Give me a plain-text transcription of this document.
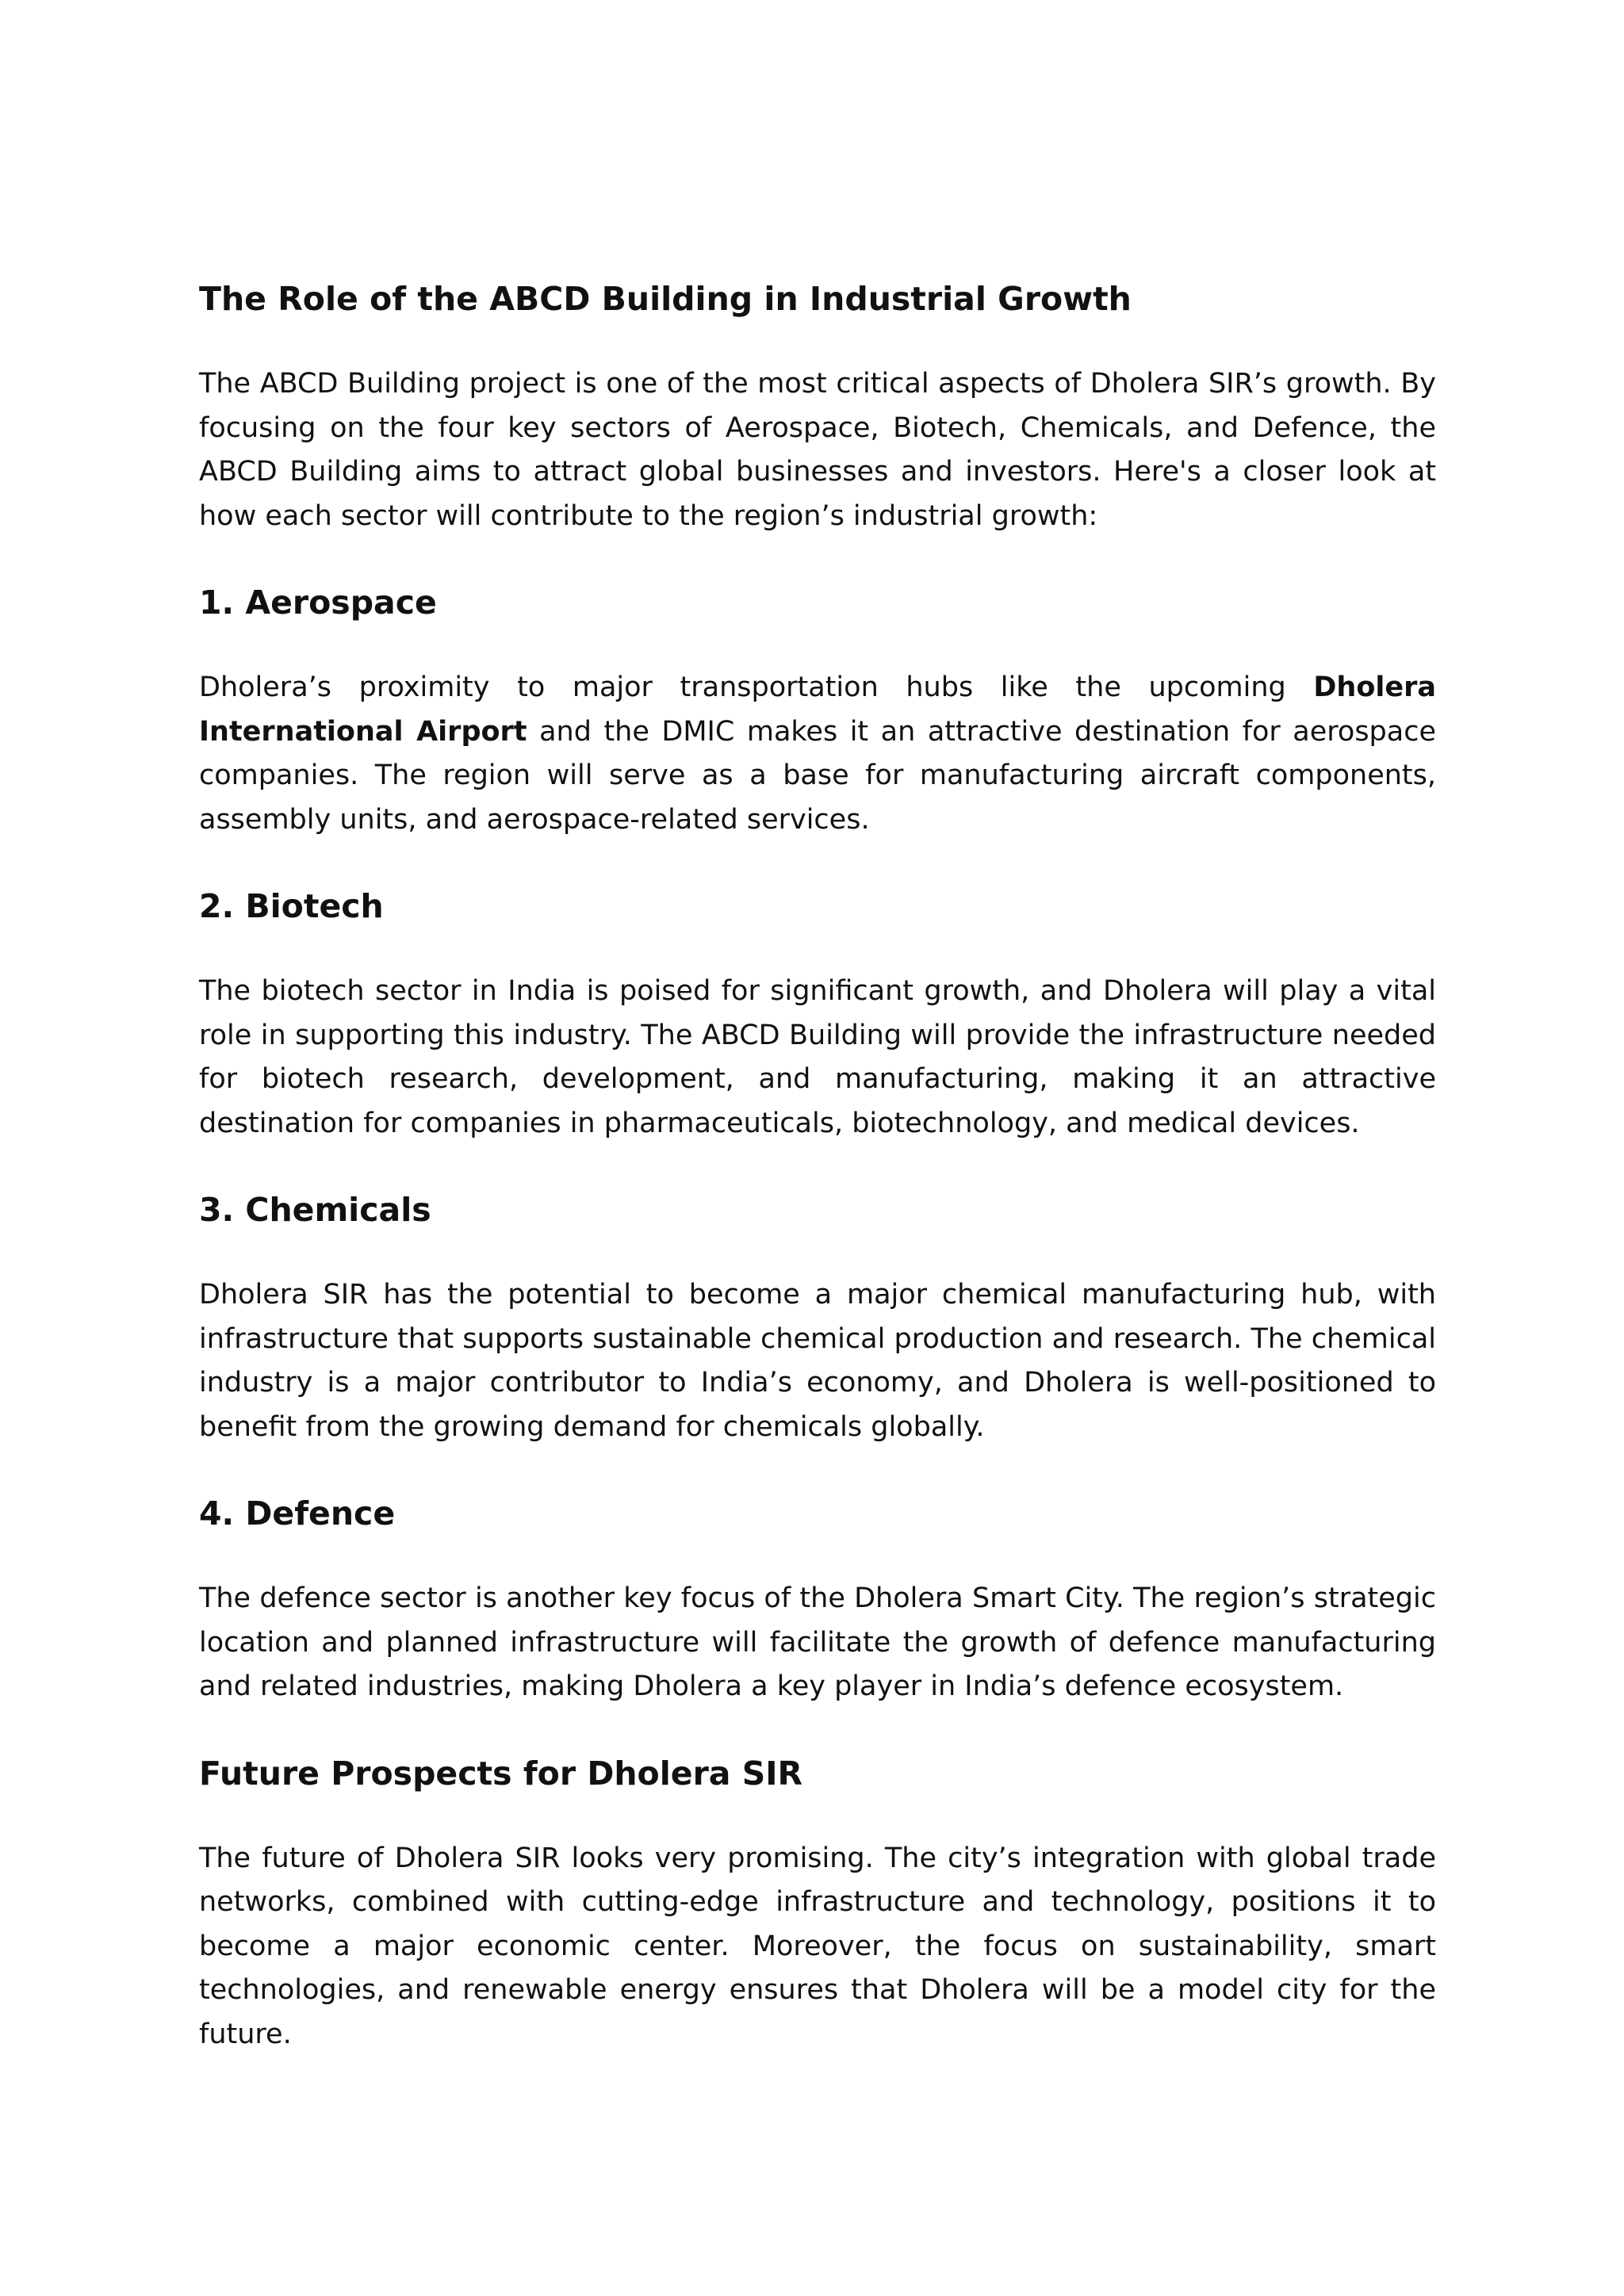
The Role of the ABCD Building in Industrial Growth

The ABCD Building project is one of the most critical aspects of Dholera SIR’s growth. By focusing on the four key sectors of Aerospace, Biotech, Chemicals, and Defence, the ABCD Building aims to attract global businesses and investors. Here's a closer look at how each sector will contribute to the region’s industrial growth:

1. Aerospace

Dholera’s proximity to major transportation hubs like the upcoming Dholera International Airport and the DMIC makes it an attractive destination for aerospace companies. The region will serve as a base for manufacturing aircraft components, assembly units, and aerospace-related services.

2. Biotech

The biotech sector in India is poised for significant growth, and Dholera will play a vital role in supporting this industry. The ABCD Building will provide the infrastructure needed for biotech research, development, and manufacturing, making it an attractive destination for companies in pharmaceuticals, biotechnology, and medical devices.

3. Chemicals

Dholera SIR has the potential to become a major chemical manufacturing hub, with infrastructure that supports sustainable chemical production and research. The chemical industry is a major contributor to India’s economy, and Dholera is well-positioned to benefit from the growing demand for chemicals globally.

4. Defence

The defence sector is another key focus of the Dholera Smart City. The region’s strategic location and planned infrastructure will facilitate the growth of defence manufacturing and related industries, making Dholera a key player in India’s defence ecosystem.

Future Prospects for Dholera SIR

The future of Dholera SIR looks very promising. The city’s integration with global trade networks, combined with cutting-edge infrastructure and technology, positions it to become a major economic center. Moreover, the focus on sustainability, smart technologies, and renewable energy ensures that Dholera will be a model city for the future.
